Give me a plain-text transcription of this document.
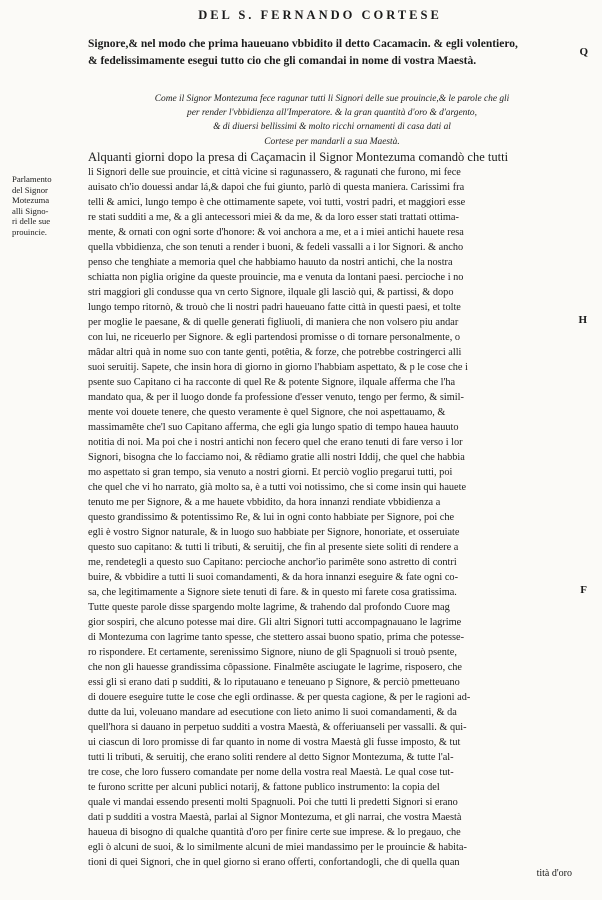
DEL S. FERNANDO CORTESE
Q

Signore,& nel modo che prima haueuano vbbidito il detto Cacamacin. & egli volentiero,

& fedelissimamente esegui tutto cio che gli comandai in nome di vostra Maestà.

Come il Signor Montezuma fece ragunar tutti li Signori delle sue prouincie,& le parole che gli

per render l'vbbidienza all'Imperatore. & la gran quantità d'oro & d'argento,

& di diuersi bellissimi & molto ricchi ornamenti di casa dati al

Cortese per mandarli a sua Maestà.

Parlamento

del Signor

Motezuma

alli Signo-

ri delle sue

prouincie.

Alquanti giorni dopo la presa di Caçamacin il Signor Montezuma comandò che tutti

li Signori delle sue prouincie, et città vicine si ragunassero, & ragunati che furono, mi fece

auisato ch'io douessi andar lá,& dapoi che fui giunto, parlò di questa maniera. Carissimi fra

telli & amici, lungo tempo è che ottimamente sapete, voi tutti, vostri padri, et maggiori esse

re stati sudditi a me, & a gli antecessori miei & da me, & da loro esser stati trattati ottima-

mente, & ornati con ogni sorte d'honore: & voi anchora a me, et a i miei antichi hauete resa

quella vbbidienza, che son tenuti a render i buoni, & fedeli vassalli a i lor Signori. & ancho

penso che tenghiate a memoria quel che habbiamo hauuto da nostri antichi, che la nostra

schiatta non piglia origine da queste prouincie, ma e venuta da lontani paesi. percioche i no

stri maggiori gli condusse qua vn certo Signore, ilquale gli lasciò qui, & partissi, & dopo

lungo tempo ritornò, & trouò che li nostri padri haueuano fatte città in questi paesi, et tolte

per moglie le paesane, & di quelle generati figliuoli, di maniera che non volsero piu andar

con lui, ne riceuerlo per Signore. & egli partendosi promisse o di tornare personalmente, o

mâdar altri quà in nome suo con tante genti, potêtia, & forze, che potrebbe costringerci alli

suoi seruitij. Sapete, che insin hora di giorno in giorno l'habbiam aspettato, & p le cose che i

psente suo Capitano ci ha racconte di quel Re & potente Signore, ilquale afferma che l'ha

mandato qua, & per il luogo donde fa professione d'esser venuto, tengo per fermo, & simil-

mente voi douete tenere, che questo veramente è quel Signore, che noi aspettauamo, &

massimamête che'l suo Capitano afferma, che egli gia lungo spatio di tempo hauea hauuto

notitia di noi. Ma poi che i nostri antichi non fecero quel che erano tenuti di fare verso i lor

Signori, bisogna che lo facciamo noi, & rêdiamo gratie alli nostri Iddij, che quel che habbia

mo aspettato si gran tempo, sia venuto a nostri giorni. Et perciò voglio pregarui tutti, poi

che quel che vi ho narrato, già molto sa, è a tutti voi notissimo, che si come insin qui hauete

tenuto me per Signore, & a me hauete vbbidito, da hora innanzi rendiate vbbidienza a

questo grandissimo & potentissimo Re, & lui in ogni conto habbiate per Signore, poi che

egli è vostro Signor naturale, & in luogo suo habbiate per Signore, honoriate, et osseruiate

questo suo capitano: & tutti li tributi, & seruitij, che fin al presente siete soliti di rendere a

me, rendetegli a questo suo Capitano: percioche anchor'io parimête sono astretto di contri

buire, & vbbidire a tutti li suoi comandamenti, & da hora innanzi eseguire & fate ogni co-

sa, che legitimamente a Signore siete tenuti di fare. & in questo mi farete cosa gratissima.

Tutte queste parole disse spargendo molte lagrime, & trahendo dal profondo Cuore mag

gior sospiri, che alcuno potesse mai dire. Gli altri Signori tutti accompagnauano le lagrime

di Montezuma con lagrime tanto spesse, che stettero assai buono spatio, prima che potesse-

ro rispondere. Et certamente, serenissimo Signore, niuno de gli Spagnuoli si trouò psente,

che non gli hauesse grandissima côpassione. Finalmête asciugate le lagrime, risposero, che

essi gli si erano dati p sudditi, & lo riputauano e teneuano p Signore, & perciò pmetteuano

di douere eseguire tutte le cose che egli ordinasse. & per questa cagione, & per le ragioni ad-

dutte da lui, voleuano mandare ad esecutione con lieto animo li suoi comandamenti, & da

quell'hora si dauano in perpetuo sudditi a vostra Maestà, & offeriuanseli per vassalli. & qui-

ui ciascun di loro promisse di far quanto in nome di vostra Maestà gli fusse imposto, & tut

tutti li tributi, & seruitij, che erano soliti rendere al detto Signor Montezuma, & tutte l'al-

tre cose, che loro fussero comandate per nome della vostra real Maestà. Le qual cose tut-

te furono scritte per alcuni publici notarij, & fattone publico instrumento: la copia del

quale vi mandai essendo presenti molti Spagnuoli. Poi che tutti li predetti Signori si erano

dati p sudditi a vostra Maestà, parlai al Signor Montezuma, et gli narrai, che vostra Maestà

haueua di bisogno di qualche quantità d'oro per finire certe sue imprese. & lo pregauo, che

egli ò alcuni de suoi, & lo similmente alcuni de miei mandassimo per le prouincie & habita-

tioni di quei Signori, che in quel giorno si erano offerti, confortandogli, che di quella quan

H
F
tità d'oro
